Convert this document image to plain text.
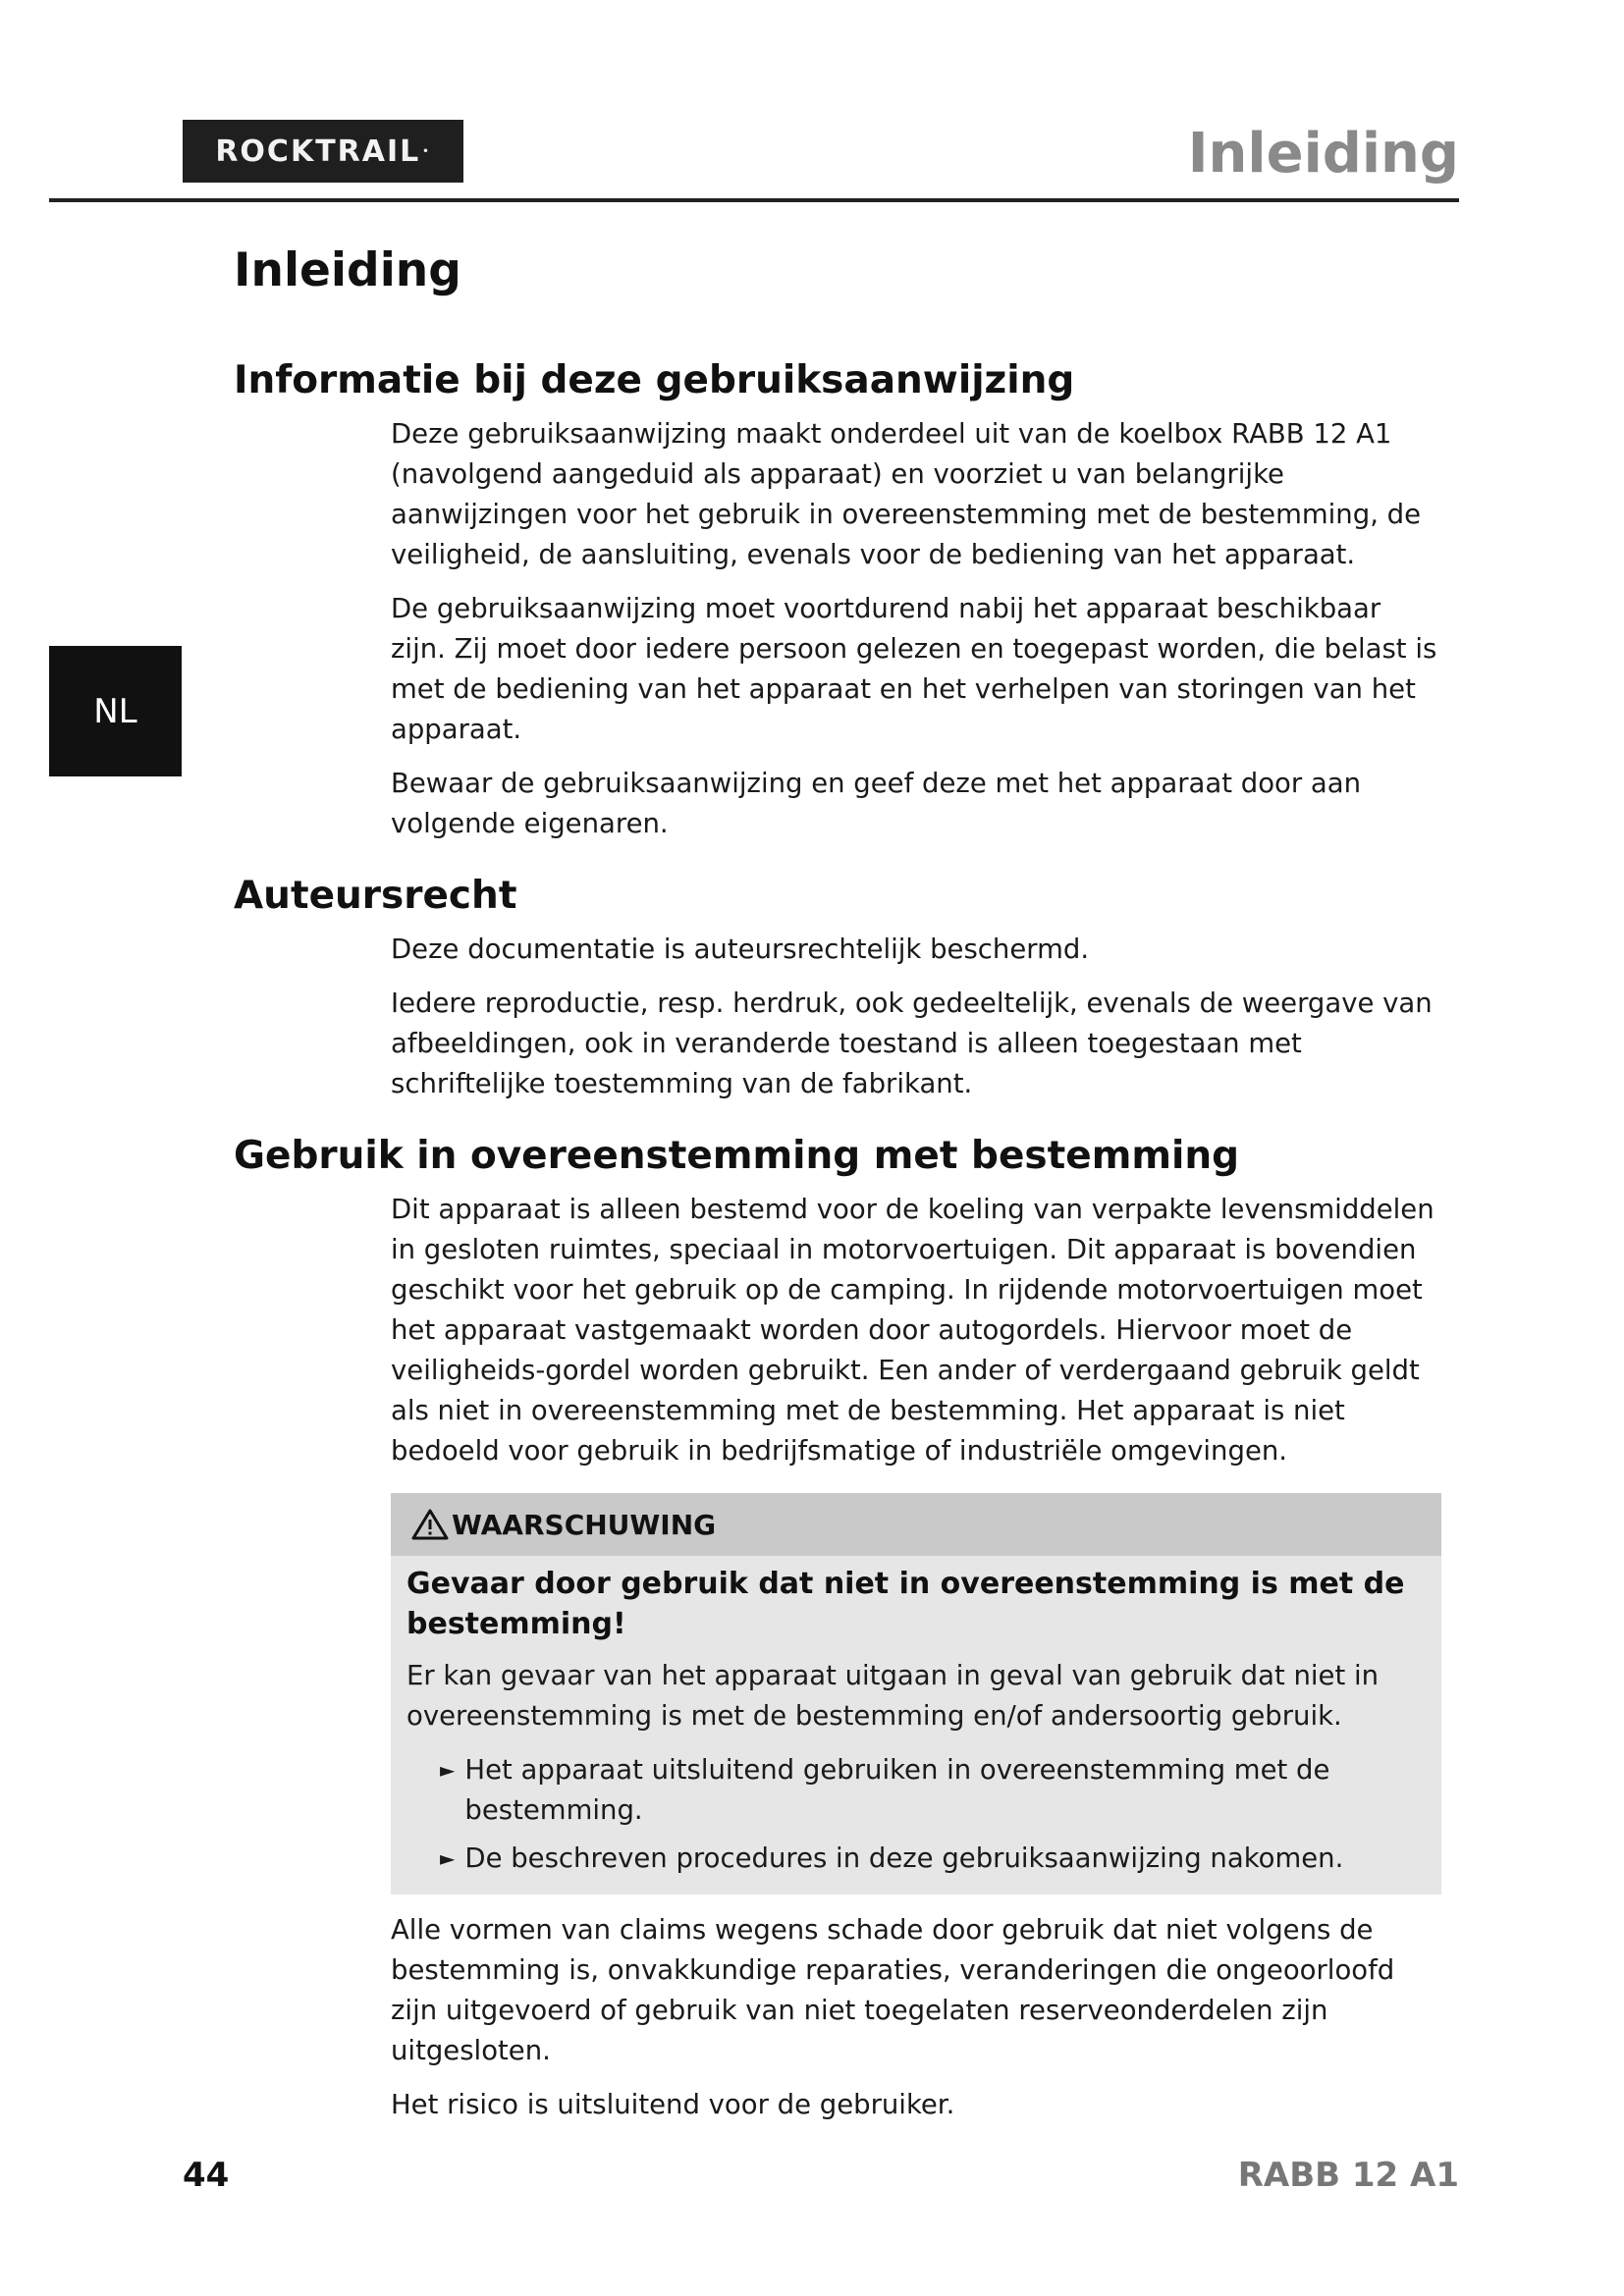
ROCKTRAIL •	Inleiding
NL
Inleiding
Informatie bij deze gebruiksaanwijzing

Deze gebruiksaanwijzing maakt onderdeel uit van de koelbox RABB 12 A1 (navolgend aangeduid als apparaat) en voorziet u van belangrijke aanwijzingen voor het gebruik in overeenstemming met de bestemming, de veiligheid, de aansluiting, evenals voor de bediening van het apparaat.

De gebruiksaanwijzing moet voortdurend nabij het apparaat beschikbaar zijn. Zij moet door iedere persoon gelezen en toegepast worden, die belast is met de bediening van het apparaat en het verhelpen van storingen van het apparaat.

Bewaar de gebruiksaanwijzing en geef deze met het apparaat door aan volgende eigenaren.

Auteursrecht

Deze documentatie is auteursrechtelijk beschermd.

Iedere reproductie, resp. herdruk, ook gedeeltelijk, evenals de weergave van afbeeldingen, ook in veranderde toestand is alleen toegestaan met schriftelijke toestemming van de fabrikant.

Gebruik in overeenstemming met bestemming

Dit apparaat is alleen bestemd voor de koeling van verpakte levensmiddelen in gesloten ruimtes, speciaal in motorvoertuigen. Dit apparaat is bovendien geschikt voor het gebruik op de camping. In rijdende motorvoertuigen moet het apparaat vastgemaakt worden door autogordels. Hiervoor moet de veiligheids-gordel worden gebruikt. Een ander of verdergaand gebruik geldt als niet in overeenstemming met de bestemming. Het apparaat is niet bedoeld voor gebruik in bedrijfsmatige of industriële omgevingen.

WAARSCHUWING
Gevaar door gebruik dat niet in overeenstemming is met de bestemming!

Er kan gevaar van het apparaat uitgaan in geval van gebruik dat niet in overeenstemming is met de bestemming en/of andersoortig gebruik.

► Het apparaat uitsluitend gebruiken in overeenstemming met de bestemming.
► De beschreven procedures in deze gebruiksaanwijzing nakomen.

Alle vormen van claims wegens schade door gebruik dat niet volgens de bestemming is, onvakkundige reparaties, veranderingen die ongeoorloofd zijn uitgevoerd of gebruik van niet toegelaten reserveonderdelen zijn uitgesloten.

Het risico is uitsluitend voor de gebruiker.

44	RABB 12 A1
